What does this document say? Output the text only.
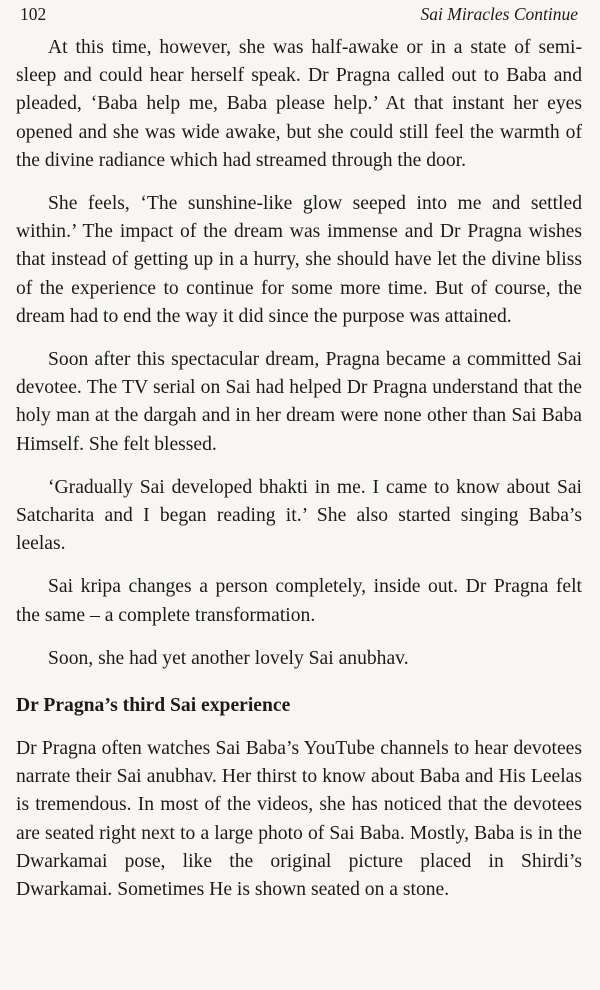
102	Sai Miracles Continue

At this time, however, she was half-awake or in a state of semi-sleep and could hear herself speak. Dr Pragna called out to Baba and pleaded, ‘Baba help me, Baba please help.’ At that instant her eyes opened and she was wide awake, but she could still feel the warmth of the divine radiance which had streamed through the door.

She feels, ‘The sunshine-like glow seeped into me and settled within.’ The impact of the dream was immense and Dr Pragna wishes that instead of getting up in a hurry, she should have let the divine bliss of the experience to continue for some more time. But of course, the dream had to end the way it did since the purpose was attained.

Soon after this spectacular dream, Pragna became a committed Sai devotee. The TV serial on Sai had helped Dr Pragna understand that the holy man at the dargah and in her dream were none other than Sai Baba Himself. She felt blessed.

‘Gradually Sai developed bhakti in me. I came to know about Sai Satcharita and I began reading it.’ She also started singing Baba’s leelas.

Sai kripa changes a person completely, inside out. Dr Pragna felt the same – a complete transformation.

Soon, she had yet another lovely Sai anubhav.

Dr Pragna’s third Sai experience

Dr Pragna often watches Sai Baba’s YouTube channels to hear devotees narrate their Sai anubhav. Her thirst to know about Baba and His Leelas is tremendous. In most of the videos, she has noticed that the devotees are seated right next to a large photo of Sai Baba. Mostly, Baba is in the Dwarkamai pose, like the original picture placed in Shirdi’s Dwarkamai. Sometimes He is shown seated on a stone.
